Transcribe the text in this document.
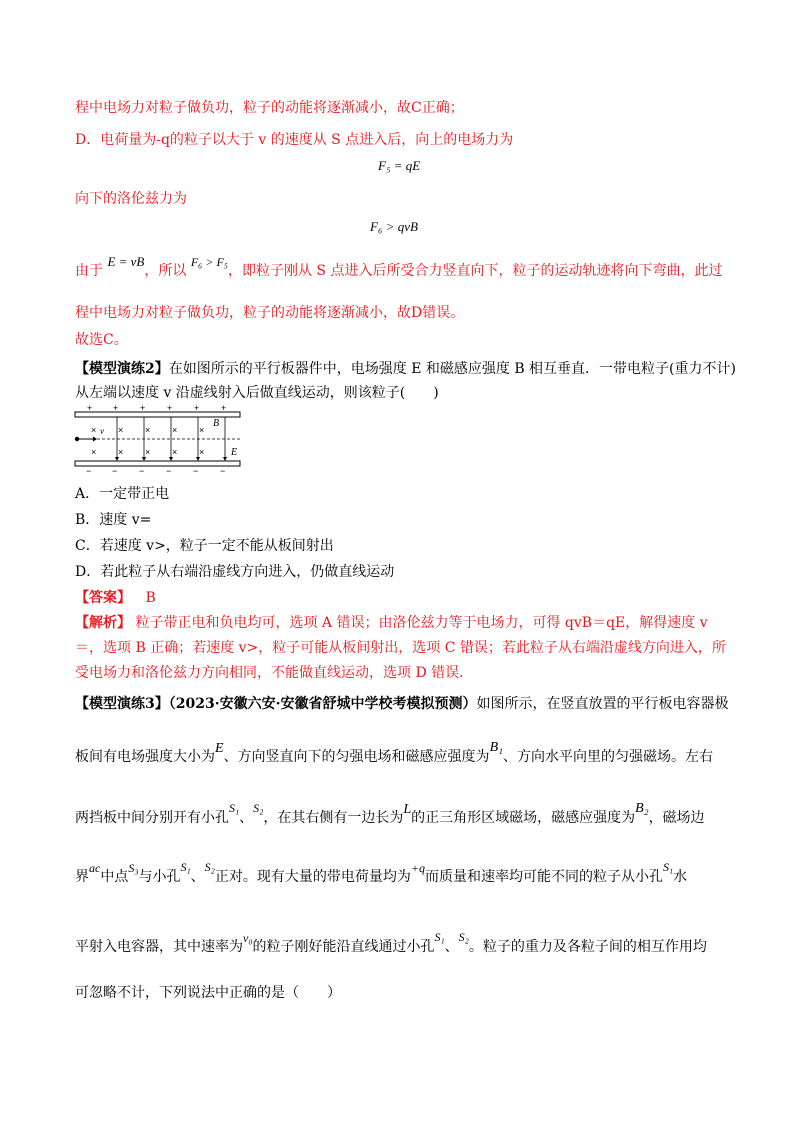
程中电场力对粒子做负功，粒子的动能将逐渐减小，故C正确；
D．电荷量为-q的粒子以大于 v 的速度从 S 点进入后，向上的电场力为
F₅ = qE
向下的洛伦兹力为
F₆ > qvB
由于 E = vB，所以 F₆ > F₅，即粒子刚从 S 点进入后所受合力竖直向下，粒子的运动轨迹将向下弯曲，此过
程中电场力对粒子做负功，粒子的动能将逐渐减小，故D错误。
故选C。
【模型演练2】在如图所示的平行板器件中，电场强度 E 和磁感应强度 B 相互垂直．一带电粒子(重力不计)
从左端以速度 v 沿虚线射入后做直线运动，则该粒子(　　)
+ + + + + +
− − − − − −
× × × × ×
× × × × ×
v
B
E
A．一定带正电
B．速度 v=
C．若速度 v>，粒子一定不能从板间射出
D．若此粒子从右端沿虚线方向进入，仍做直线运动
【答案】 B
【解析】 粒子带正电和负电均可，选项 A 错误；由洛伦兹力等于电场力，可得 qvB＝qE，解得速度 v
＝，选项 B 正确；若速度 v>，粒子可能从板间射出，选项 C 错误；若此粒子从右端沿虚线方向进入，所
受电场力和洛伦兹力方向相同，不能做直线运动，选项 D 错误．
【模型演练3】（2023·安徽六安·安徽省舒城中学校考模拟预测）如图所示，在竖直放置的平行板电容器极
板间有电场强度大小为E、方向竖直向下的匀强电场和磁感应强度为B₁、方向水平向里的匀强磁场。左右
两挡板中间分别开有小孔S₁、S₂，在其右侧有一边长为L的正三角形区域磁场，磁感应强度为B₂，磁场边
界ac中点S₃与小孔S₁、S₂正对。现有大量的带电荷量均为+q而质量和速率均可能不同的粒子从小孔S₁水
平射入电容器，其中速率为v₀的粒子刚好能沿直线通过小孔S₁、S₂。粒子的重力及各粒子间的相互作用均
可忽略不计，下列说法中正确的是（　　）
